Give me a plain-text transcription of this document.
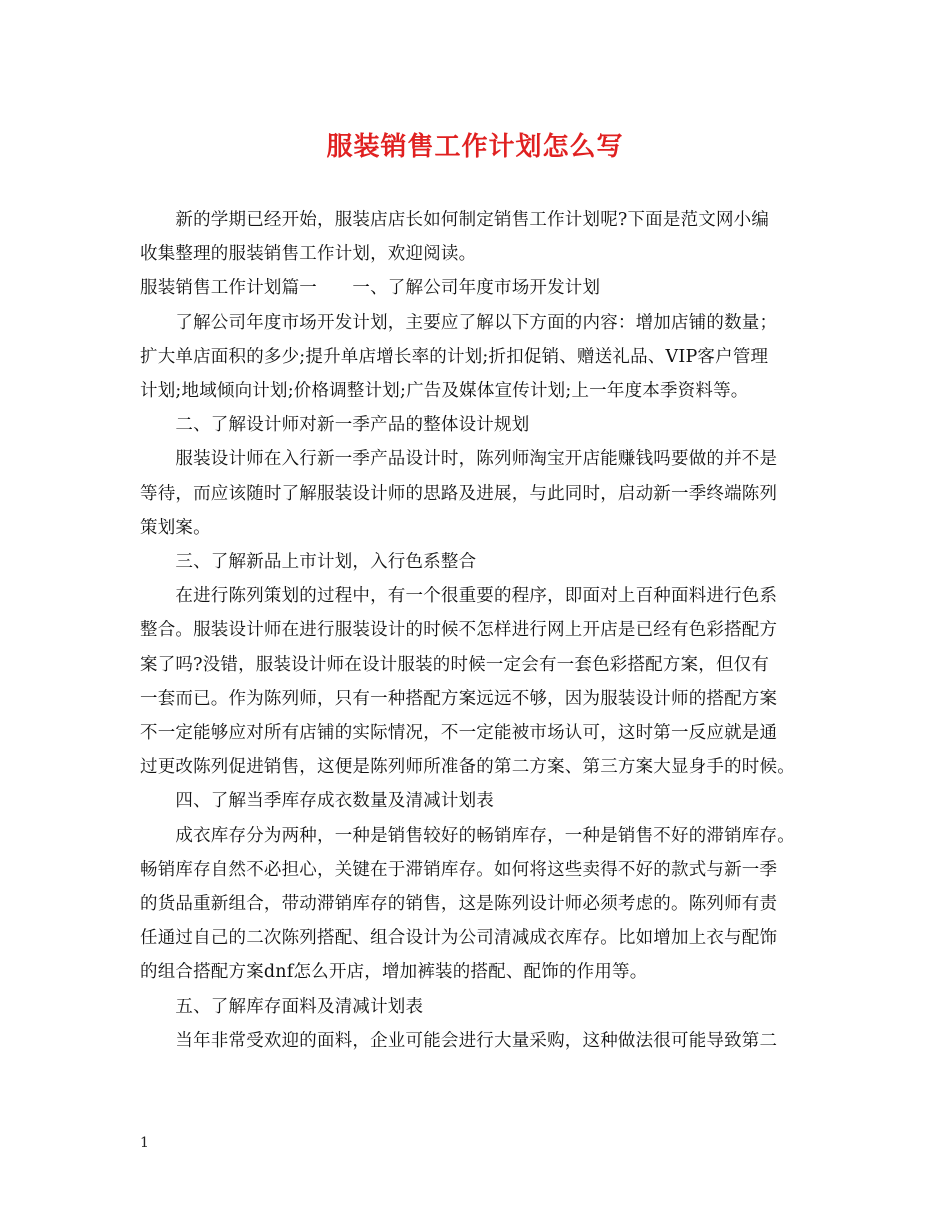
服装销售工作计划怎么写
　　新的学期已经开始，服装店店长如何制定销售工作计划呢?下面是范文网小编
收集整理的服装销售工作计划，欢迎阅读。
服装销售工作计划篇一　　一、了解公司年度市场开发计划
　　了解公司年度市场开发计划，主要应了解以下方面的内容：增加店铺的数量；
扩大单店面积的多少;提升单店增长率的计划;折扣促销、赠送礼品、VIP客户管理
计划;地域倾向计划;价格调整计划;广告及媒体宣传计划;上一年度本季资料等。
　　二、了解设计师对新一季产品的整体设计规划
　　服装设计师在入行新一季产品设计时，陈列师淘宝开店能赚钱吗要做的并不是
等待，而应该随时了解服装设计师的思路及进展，与此同时，启动新一季终端陈列
策划案。
　　三、了解新品上市计划，入行色系整合
　　在进行陈列策划的过程中，有一个很重要的程序，即面对上百种面料进行色系
整合。服装设计师在进行服装设计的时候不怎样进行网上开店是已经有色彩搭配方
案了吗?没错，服装设计师在设计服装的时候一定会有一套色彩搭配方案，但仅有
一套而已。作为陈列师，只有一种搭配方案远远不够，因为服装设计师的搭配方案
不一定能够应对所有店铺的实际情况，不一定能被市场认可，这时第一反应就是通
过更改陈列促进销售，这便是陈列师所准备的第二方案、第三方案大显身手的时候。
　　四、了解当季库存成衣数量及清减计划表
　　成衣库存分为两种，一种是销售较好的畅销库存，一种是销售不好的滞销库存。
畅销库存自然不必担心，关键在于滞销库存。如何将这些卖得不好的款式与新一季
的货品重新组合，带动滞销库存的销售，这是陈列设计师必须考虑的。陈列师有责
任通过自己的二次陈列搭配、组合设计为公司清减成衣库存。比如增加上衣与配饰
的组合搭配方案dnf怎么开店，增加裤装的搭配、配饰的作用等。
　　五、了解库存面料及清减计划表
　　当年非常受欢迎的面料，企业可能会进行大量采购，这种做法很可能导致第二
1
